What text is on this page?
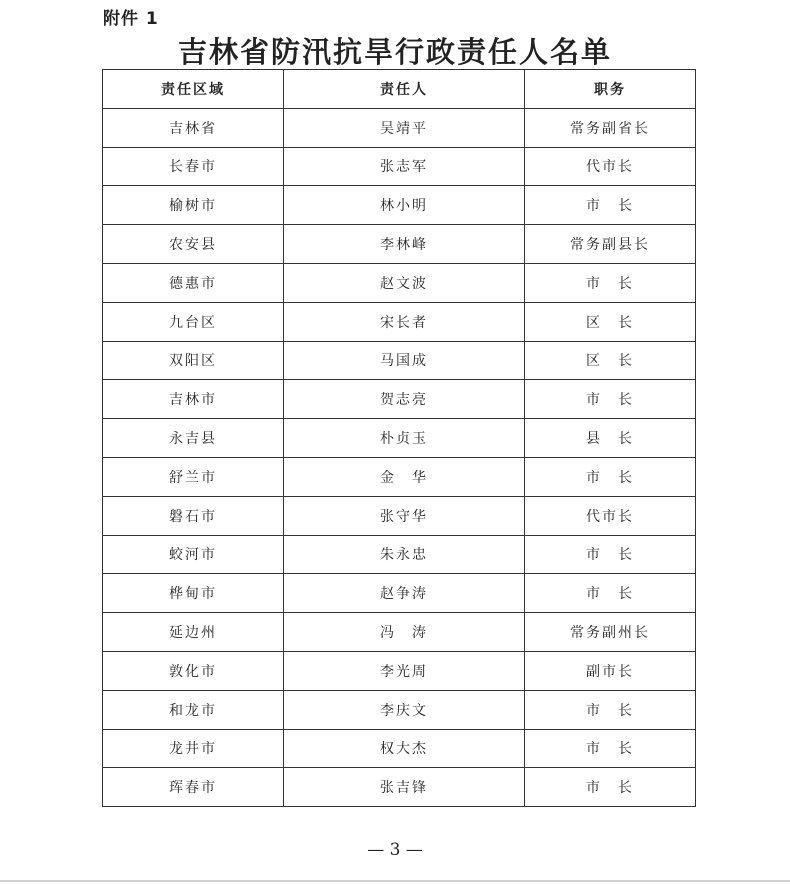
附件 1
吉林省防汛抗旱行政责任人名单
责任区域	责任人	职务
吉林省	吴靖平	常务副省长
长春市	张志军	代市长
榆树市	林小明	市　长
农安县	李林峰	常务副县长
德惠市	赵文波	市　长
九台区	宋长者	区　长
双阳区	马国成	区　长
吉林市	贺志亮	市　长
永吉县	朴贞玉	县　长
舒兰市	金　华	市　长
磐石市	张守华	代市长
蛟河市	朱永忠	市　长
桦甸市	赵争涛	市　长
延边州	冯　涛	常务副州长
敦化市	李光周	副市长
和龙市	李庆文	市　长
龙井市	权大杰	市　长
珲春市	张吉锋	市　长
— 3 —
